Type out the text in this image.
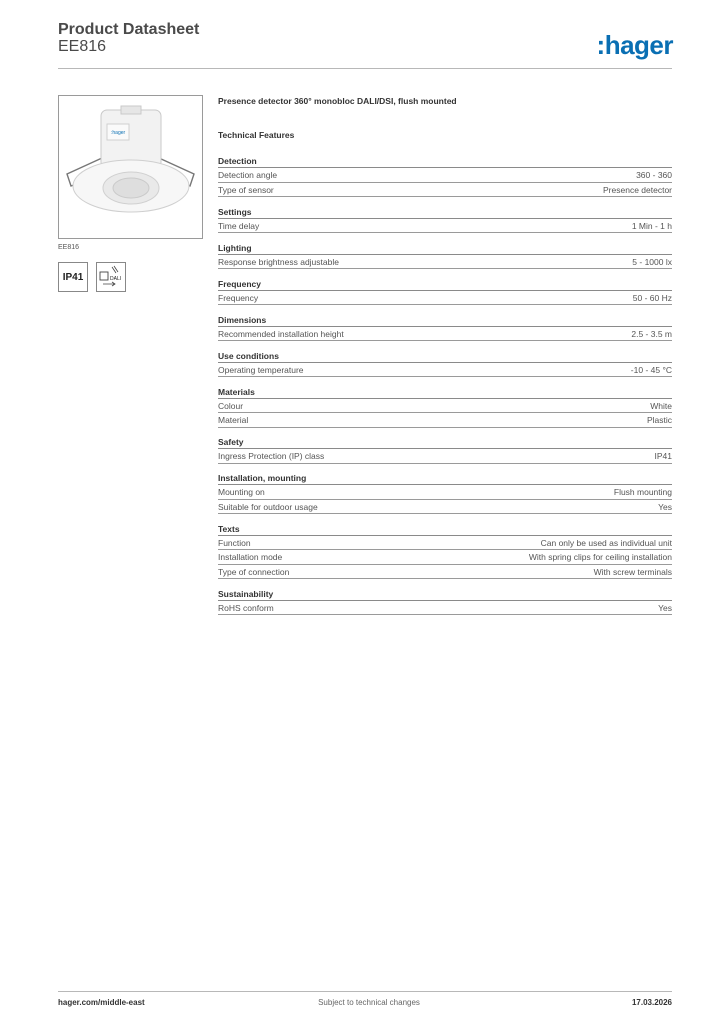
Product Datasheet
EE816	:hager
:hager
EE816
IP41	DALI
Presence detector 360° monobloc DALI/DSI, flush mounted
Technical Features
Detection
Detection angle	360 - 360
Type of sensor	Presence detector
Settings
Time delay	1 Min - 1 h
Lighting
Response brightness adjustable	5 - 1000 lx
Frequency
Frequency	50 - 60 Hz
Dimensions
Recommended installation height	2.5 - 3.5 m
Use conditions
Operating temperature	-10 - 45 °C
Materials
Colour	White
Material	Plastic
Safety
Ingress Protection (IP) class	IP41
Installation, mounting
Mounting on	Flush mounting
Suitable for outdoor usage	Yes
Texts
Function	Can only be used as individual unit
Installation mode	With spring clips for ceiling installation
Type of connection	With screw terminals
Sustainability
RoHS conform	Yes
hager.com/middle-east	Subject to technical changes	17.03.2026
